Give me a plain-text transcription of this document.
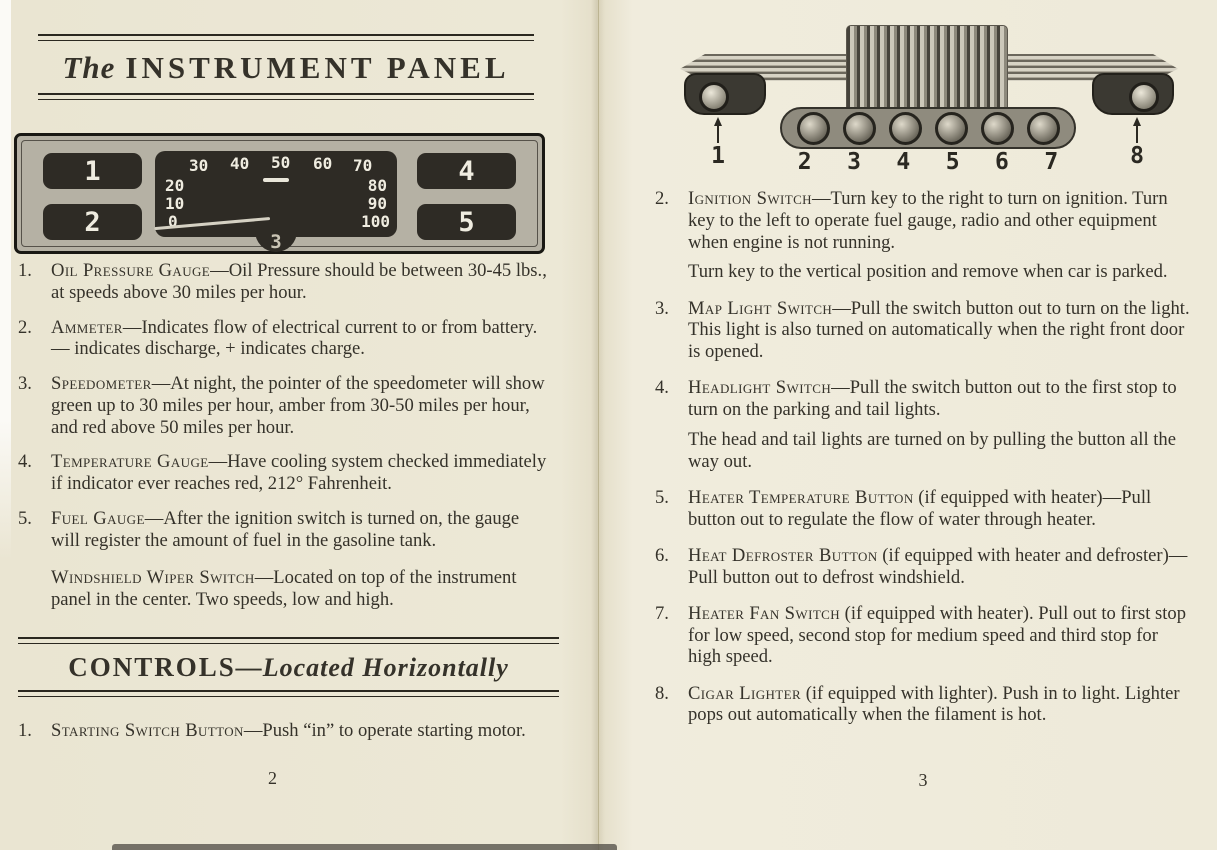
The INSTRUMENT PANEL
1
2
4
5
30 40 50 60 70
20
10
0
80
90
100
3
1.	Oil Pressure Gauge—Oil Pressure should be between 30-45 lbs., at speeds above 30 miles per hour.
2.	Ammeter—Indicates flow of electrical current to or from battery. — indicates discharge, + indicates charge.
3.	Speedometer—At night, the pointer of the speedometer will show green up to 30 miles per hour, amber from 30-50 miles per hour, and red above 50 miles per hour.
4.	Temperature Gauge—Have cooling system checked immediately if indicator ever reaches red, 212° Fahrenheit.
5.	Fuel Gauge—After the ignition switch is turned on, the gauge will register the amount of fuel in the gasoline tank.
Windshield Wiper Switch—Located on top of the instrument panel in the center. Two speeds, low and high.
CONTROLS—Located Horizontally
1.	Starting Switch Button—Push “in” to operate starting motor.
2
1	2 3 4 5 6 7	8
2.	Ignition Switch—Turn key to the right to turn on ignition. Turn key to the left to operate fuel gauge, radio and other equipment when engine is not running.
Turn key to the vertical position and remove when car is parked.
3.	Map Light Switch—Pull the switch button out to turn on the light. This light is also turned on automatically when the right front door is opened.
4.	Headlight Switch—Pull the switch button out to the first stop to turn on the parking and tail lights.
The head and tail lights are turned on by pulling the button all the way out.
5.	Heater Temperature Button (if equipped with heater)—Pull button out to regulate the flow of water through heater.
6.	Heat Defroster Button (if equipped with heater and defroster)—Pull button out to defrost windshield.
7.	Heater Fan Switch (if equipped with heater). Pull out to first stop for low speed, second stop for medium speed and third stop for high speed.
8.	Cigar Lighter (if equipped with lighter). Push in to light. Lighter pops out automatically when the filament is hot.
3
